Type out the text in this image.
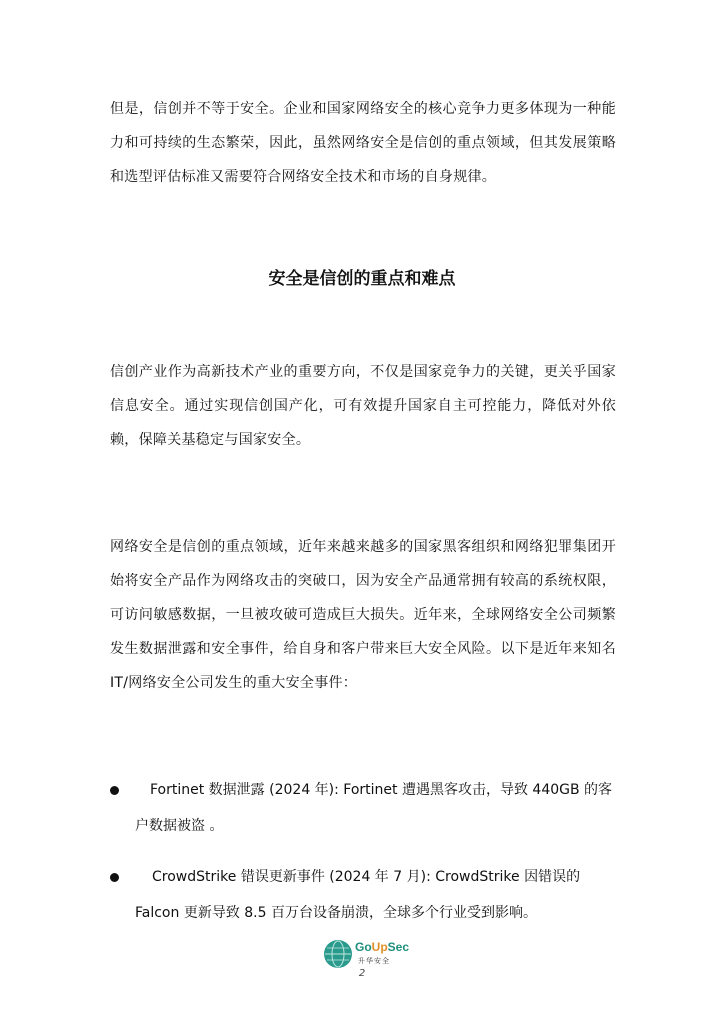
但是，信创并不等于安全。企业和国家网络安全的核心竞争力更多体现为一种能力和可持续的生态繁荣，因此，虽然网络安全是信创的重点领域，但其发展策略和选型评估标准又需要符合网络安全技术和市场的自身规律。

安全是信创的重点和难点

信创产业作为高新技术产业的重要方向，不仅是国家竞争力的关键，更关乎国家信息安全。通过实现信创国产化，可有效提升国家自主可控能力，降低对外依赖，保障关基稳定与国家安全。

网络安全是信创的重点领域，近年来越来越多的国家黑客组织和网络犯罪集团开始将安全产品作为网络攻击的突破口，因为安全产品通常拥有较高的系统权限，可访问敏感数据，一旦被攻破可造成巨大损失。近年来，全球网络安全公司频繁发生数据泄露和安全事件，给自身和客户带来巨大安全风险。以下是近年来知名 IT/网络安全公司发生的重大安全事件：

Fortinet 数据泄露 (2024 年): Fortinet 遭遇黑客攻击，导致 440GB 的客
户数据被盗 。

CrowdStrike 错误更新事件 (2024 年 7 月): CrowdStrike 因错误的
Falcon 更新导致 8.5 百万台设备崩溃，全球多个行业受到影响。

GoUpSec
升华安全
2
